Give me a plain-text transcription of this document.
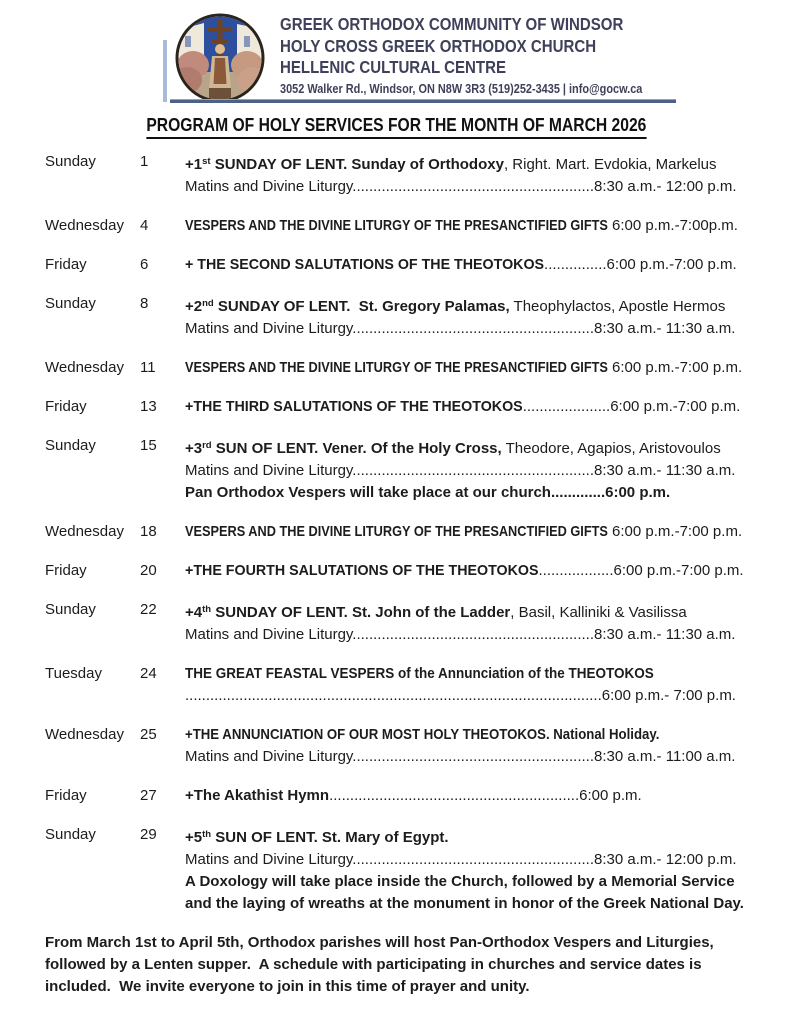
GREEK ORTHODOX COMMUNITY OF WINDSOR
HOLY CROSS GREEK ORTHODOX CHURCH
HELLENIC CULTURAL CENTRE
3052 Walker Rd., Windsor, ON N8W 3R3 (519)252-3435 | info@gocw.ca
PROGRAM OF HOLY SERVICES FOR THE MONTH OF MARCH 2026
Sunday	1	+1st SUNDAY OF LENT. Sunday of Orthodoxy, Right. Mart. Evdokia, Markelus
Matins and Divine Liturgy..........................................................8:30 a.m.- 12:00 p.m.
Wednesday	4	VESPERS AND THE DIVINE LITURGY OF THE PRESANCTIFIED GIFTS 6:00 p.m.-7:00p.m.
Friday	6	+ THE SECOND SALUTATIONS OF THE THEOTOKOS...............6:00 p.m.-7:00 p.m.
Sunday	8	+2nd SUNDAY OF LENT.  St. Gregory Palamas, Theophylactos, Apostle Hermos
Matins and Divine Liturgy..........................................................8:30 a.m.- 11:30 a.m.
Wednesday	11	VESPERS AND THE DIVINE LITURGY OF THE PRESANCTIFIED GIFTS 6:00 p.m.-7:00 p.m.
Friday	13	+THE THIRD SALUTATIONS OF THE THEOTOKOS.....................6:00 p.m.-7:00 p.m.
Sunday	15	+3rd SUN OF LENT. Vener. Of the Holy Cross, Theodore, Agapios, Aristovoulos
Matins and Divine Liturgy..........................................................8:30 a.m.- 11:30 a.m.
Pan Orthodox Vespers will take place at our church.............6:00 p.m.
Wednesday	18	VESPERS AND THE DIVINE LITURGY OF THE PRESANCTIFIED GIFTS 6:00 p.m.-7:00 p.m.
Friday	20	+THE FOURTH SALUTATIONS OF THE THEOTOKOS..................6:00 p.m.-7:00 p.m.
Sunday	22	+4th SUNDAY OF LENT. St. John of the Ladder, Basil, Kalliniki & Vasilissa
Matins and Divine Liturgy..........................................................8:30 a.m.- 11:30 a.m.
Tuesday	24	THE GREAT FEASTAL VESPERS of the Annunciation of the THEOTOKOS
....................................................................................................6:00 p.m.- 7:00 p.m.
Wednesday	25	+THE ANNUNCIATION OF OUR MOST HOLY THEOTOKOS. National Holiday.
Matins and Divine Liturgy..........................................................8:30 a.m.- 11:00 a.m.
Friday	27	+The Akathist Hymn............................................................6:00 p.m.
Sunday	29	+5th SUN OF LENT. St. Mary of Egypt.
Matins and Divine Liturgy..........................................................8:30 a.m.- 12:00 p.m.
A Doxology will take place inside the Church, followed by a Memorial Service
and the laying of wreaths at the monument in honor of the Greek National Day.
From March 1st to April 5th, Orthodox parishes will host Pan-Orthodox Vespers and Liturgies,
followed by a Lenten supper.  A schedule with participating in churches and service dates is
included.  We invite everyone to join in this time of prayer and unity.
